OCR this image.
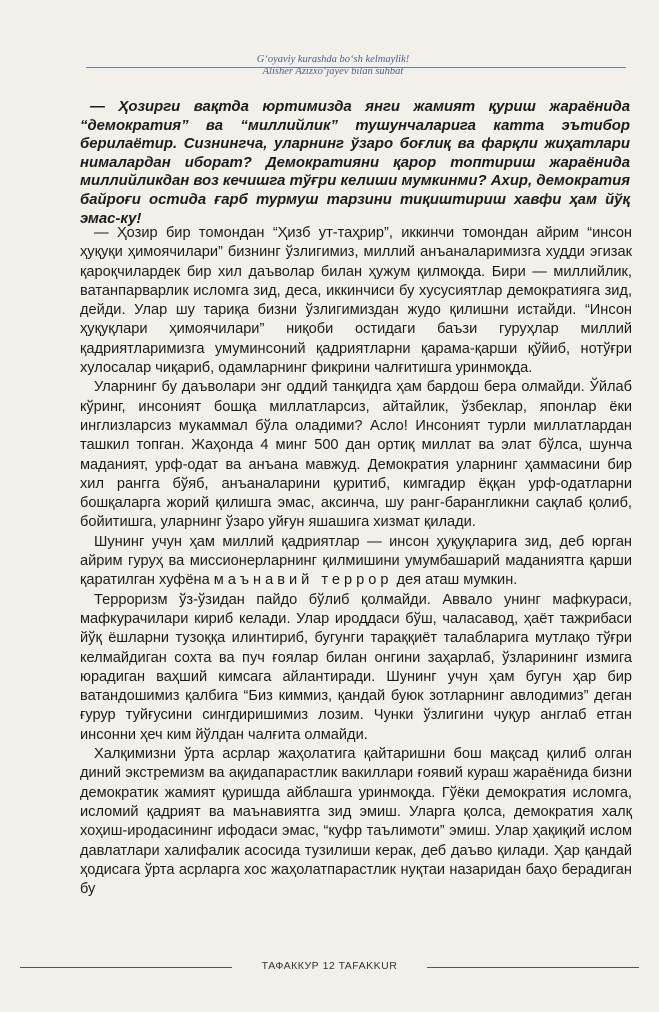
G‘oyaviy kurashda bo‘sh kelmaylik!
Alisher Azizxo‘jayev bilan suhbat

— Ҳозирги вақтда юртимизда янги жамият қуриш жараёнида “демократия” ва “миллийлик” тушунчаларига катта эътибор берилаётир. Сизнингча, уларнинг ўзаро боғлиқ ва фарқли жиҳатлари нималардан иборат? Демократияни қарор топтириш жараёнида миллийликдан воз кечишга тўғри келиши мумкинми? Ахир, демократия байроғи остида ғарб турмуш тарзини тиқиштириш хавфи ҳам йўқ эмас-ку!

— Ҳозир бир томондан “Ҳизб ут-таҳрир”, иккинчи томондан айрим “инсон ҳуқуқи ҳимоячилари” бизнинг ўзлигимиз, миллий анъаналаримизга худди эгизак қароқчилардек бир хил даъволар билан ҳужум қилмоқда. Бири — миллийлик, ватанпарварлик исломга зид, деса, иккинчиси бу хусусиятлар демократияга зид, дейди. Улар шу тариқа бизни ўзлигимиздан жудо қилишни истайди. “Инсон ҳуқуқлари ҳимоячилари” ниқоби остидаги баъзи гуруҳлар миллий қадриятларимизга умуминсоний қадриятларни қарама-қарши қўйиб, нотўғри хулосалар чиқариб, одамларнинг фикрини чалғитишга уринмоқда.

Уларнинг бу даъволари энг оддий танқидга ҳам бардош бера олмайди. Ўйлаб кўринг, инсоният бошқа миллатларсиз, айтайлик, ўзбеклар, японлар ёки инглизларсиз мукаммал бўла оладими? Асло! Инсоният турли миллатлардан ташкил топган. Жаҳонда 4 минг 500 дан ортиқ миллат ва элат бўлса, шунча маданият, урф-одат ва анъана мавжуд. Демократия уларнинг ҳаммасини бир хил рангга бўяб, анъаналарини қуритиб, кимгадир ёққан урф-одатларни бошқаларга жорий қилишга эмас, аксинча, шу ранг-барангликни сақлаб қолиб, бойитишга, уларнинг ўзаро уйғун яшашига хизмат қилади.

Шунинг учун ҳам миллий қадриятлар — инсон ҳуқуқларига зид, деб юрган айрим гуруҳ ва миссионерларнинг қилмишини умумбашарий маданиятга қарши қаратилган хуфёна маънавий террор дея аташ мумкин.

Терроризм ўз-ўзидан пайдо бўлиб қолмайди. Аввало унинг мафкураси, мафкурачилари кириб келади. Улар ироддаси бўш, чаласавод, ҳаёт тажрибаси йўқ ёшларни тузоққа илинтириб, бугунги тараққиёт талабларига мутлақо тўғри келмайдиган сохта ва пуч ғоялар билан онгини заҳарлаб, ўзларининг измига юрадиган ваҳший кимсага айлантиради. Шунинг учун ҳам бугун ҳар бир ватандошимиз қалбига “Биз киммиз, қандай буюк зотларнинг авлодимиз” деган ғурур туйғусини сингдиришимиз лозим. Чунки ўзлигини чуқур англаб етган инсонни ҳеч ким йўлдан чалғита олмайди.

Халқимизни ўрта асрлар жаҳолатига қайтаришни бош мақсад қилиб олган диний экстремизм ва ақидапарастлик вакиллари ғоявий кураш жараёнида бизни демократик жамият қуришда айблашга уринмоқда. Гўёки демократия исломга, исломий қадрият ва маънавиятга зид эмиш. Уларга қолса, демократия халқ хоҳиш-иродасининг ифодаси эмас, “куфр таълимоти” эмиш. Улар ҳақиқий ислом давлатлари халифалик асосида тузилиши керак, деб даъво қилади. Ҳар қандай ҳодисага ўрта асрларга хос жаҳолатпарастлик нуқтаи назаридан баҳо берадиган бу

ТАФАККУР 12 TAFAKKUR
